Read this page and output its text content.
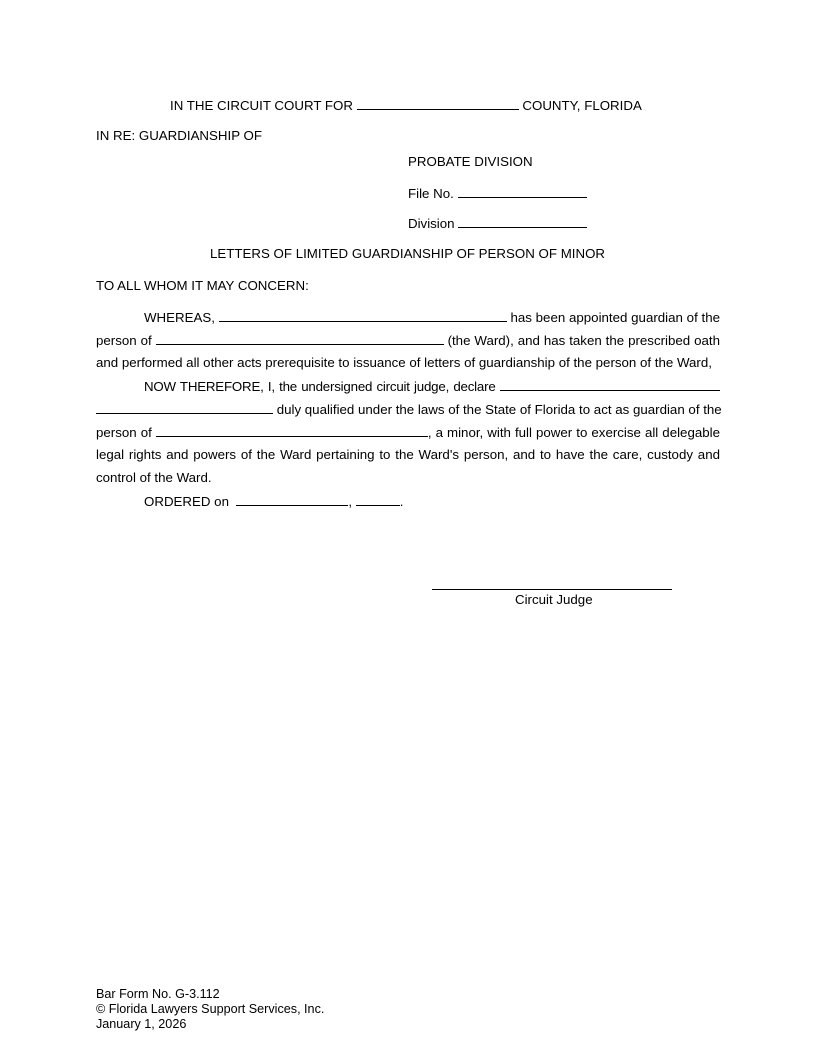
IN THE CIRCUIT COURT FOR	COUNTY, FLORIDA
IN RE: GUARDIANSHIP OF
PROBATE DIVISION
File No.
Division
LETTERS OF LIMITED GUARDIANSHIP OF PERSON OF MINOR
TO ALL WHOM IT MAY CONCERN:
WHEREAS,	has been appointed guardian of the
person of	(the Ward), and has taken the prescribed oath
and performed all other acts prerequisite to issuance of letters of guardianship of the person of the Ward,
NOW THEREFORE, I, the undersigned circuit judge, declare
duly qualified under the laws of the State of Florida to act as guardian of the
person of	, a minor, with full power to exercise all delegable
legal rights and powers of the Ward pertaining to the Ward's person, and to have the care, custody and
control of the Ward.
ORDERED on	,	.
Circuit Judge
Bar Form No. G-3.112
© Florida Lawyers Support Services, Inc.
January 1, 2026
